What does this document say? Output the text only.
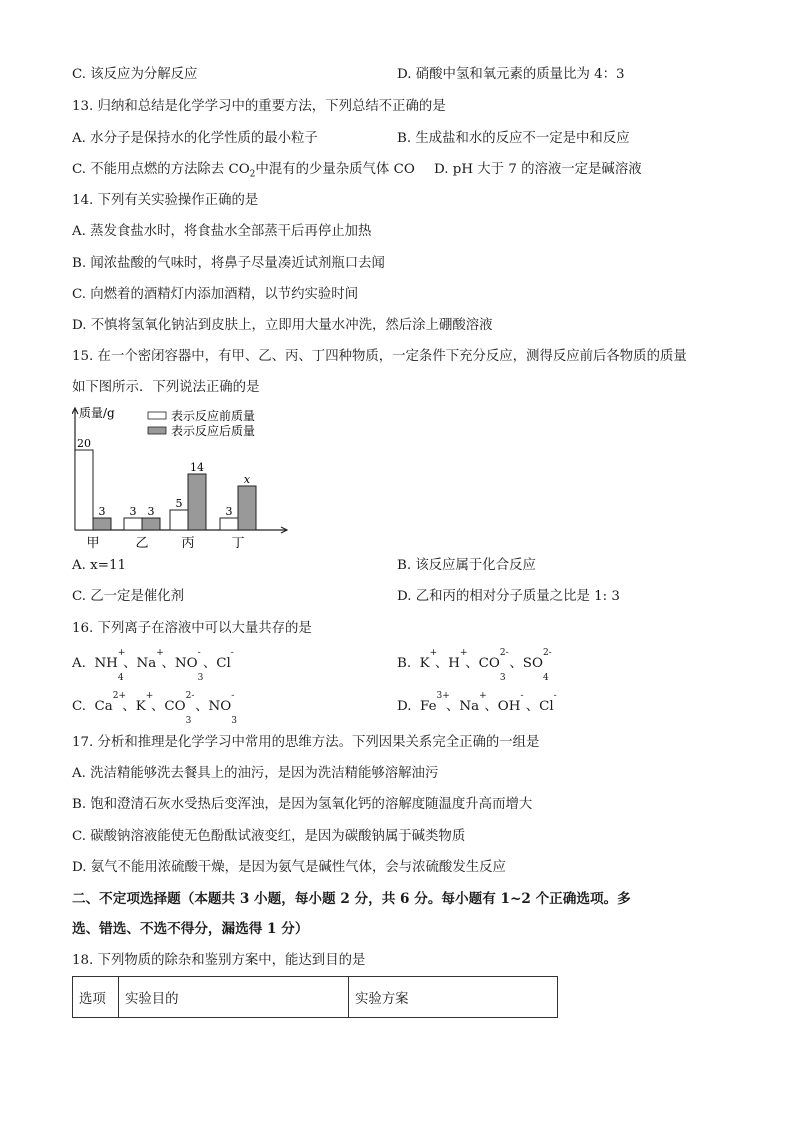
C. 该反应为分解反应	D. 硝酸中氢和氧元素的质量比为 4：3
13. 归纳和总结是化学学习中的重要方法，下列总结不正确的是
A. 水分子是保持水的化学性质的最小粒子	B. 生成盐和水的反应不一定是中和反应
C. 不能用点燃的方法除去 $CO_2$中混有的少量杂质气体 CO D. pH 大于 7 的溶液一定是碱溶液
14. 下列有关实验操作正确的是
A. 蒸发食盐水时，将食盐水全部蒸干后再停止加热
B. 闻浓盐酸的气味时，将鼻子尽量凑近试剂瓶口去闻
C. 向燃着的酒精灯内添加酒精，以节约实验时间
D. 不慎将氢氧化钠沾到皮肤上，立即用大量水冲洗，然后涂上硼酸溶液
15. 在一个密闭容器中，有甲、乙、丙、丁四种物质，一定条件下充分反应，测得反应前后各物质的质量
如下图所示．下列说法正确的是
质量/g	表示反应前质量
表示反应后质量
20
3
甲
3 3
乙
5
14
丙
3
x
丁
A. x=11	B. 该反应属于化合反应
C. 乙一定是催化剂	D. 乙和丙的相对分子质量之比是 1: 3
16. 下列离子在溶液中可以大量共存的是
A. NH
+
4
、Na
+
、NO
-
3
、Cl
-
B. K
+
、H
+
、CO
2-
3
、SO
2-
4
C. Ca
2+
、K
+
、CO
2-
3
、NO
-
3
D. Fe
3+
、Na
+
、OH
-
、Cl
-
17. 分析和推理是化学学习中常用的思维方法。下列因果关系完全正确的一组是
A. 洗洁精能够洗去餐具上的油污，是因为洗洁精能够溶解油污
B. 饱和澄清石灰水受热后变浑浊，是因为氢氧化钙的溶解度随温度升高而增大
C. 碳酸钠溶液能使无色酚酞试液变红，是因为碳酸钠属于碱类物质
D. 氨气不能用浓硫酸干燥，是因为氨气是碱性气体，会与浓硫酸发生反应
二、不定项选择题（本题共 3 小题，每小题 2 分，共 6 分。每小题有 1~2 个正确选项。多
选、错选、不选不得分，漏选得 1 分）
18. 下列物质的除杂和鉴别方案中，能达到目的是
选项	实验目的	实验方案
